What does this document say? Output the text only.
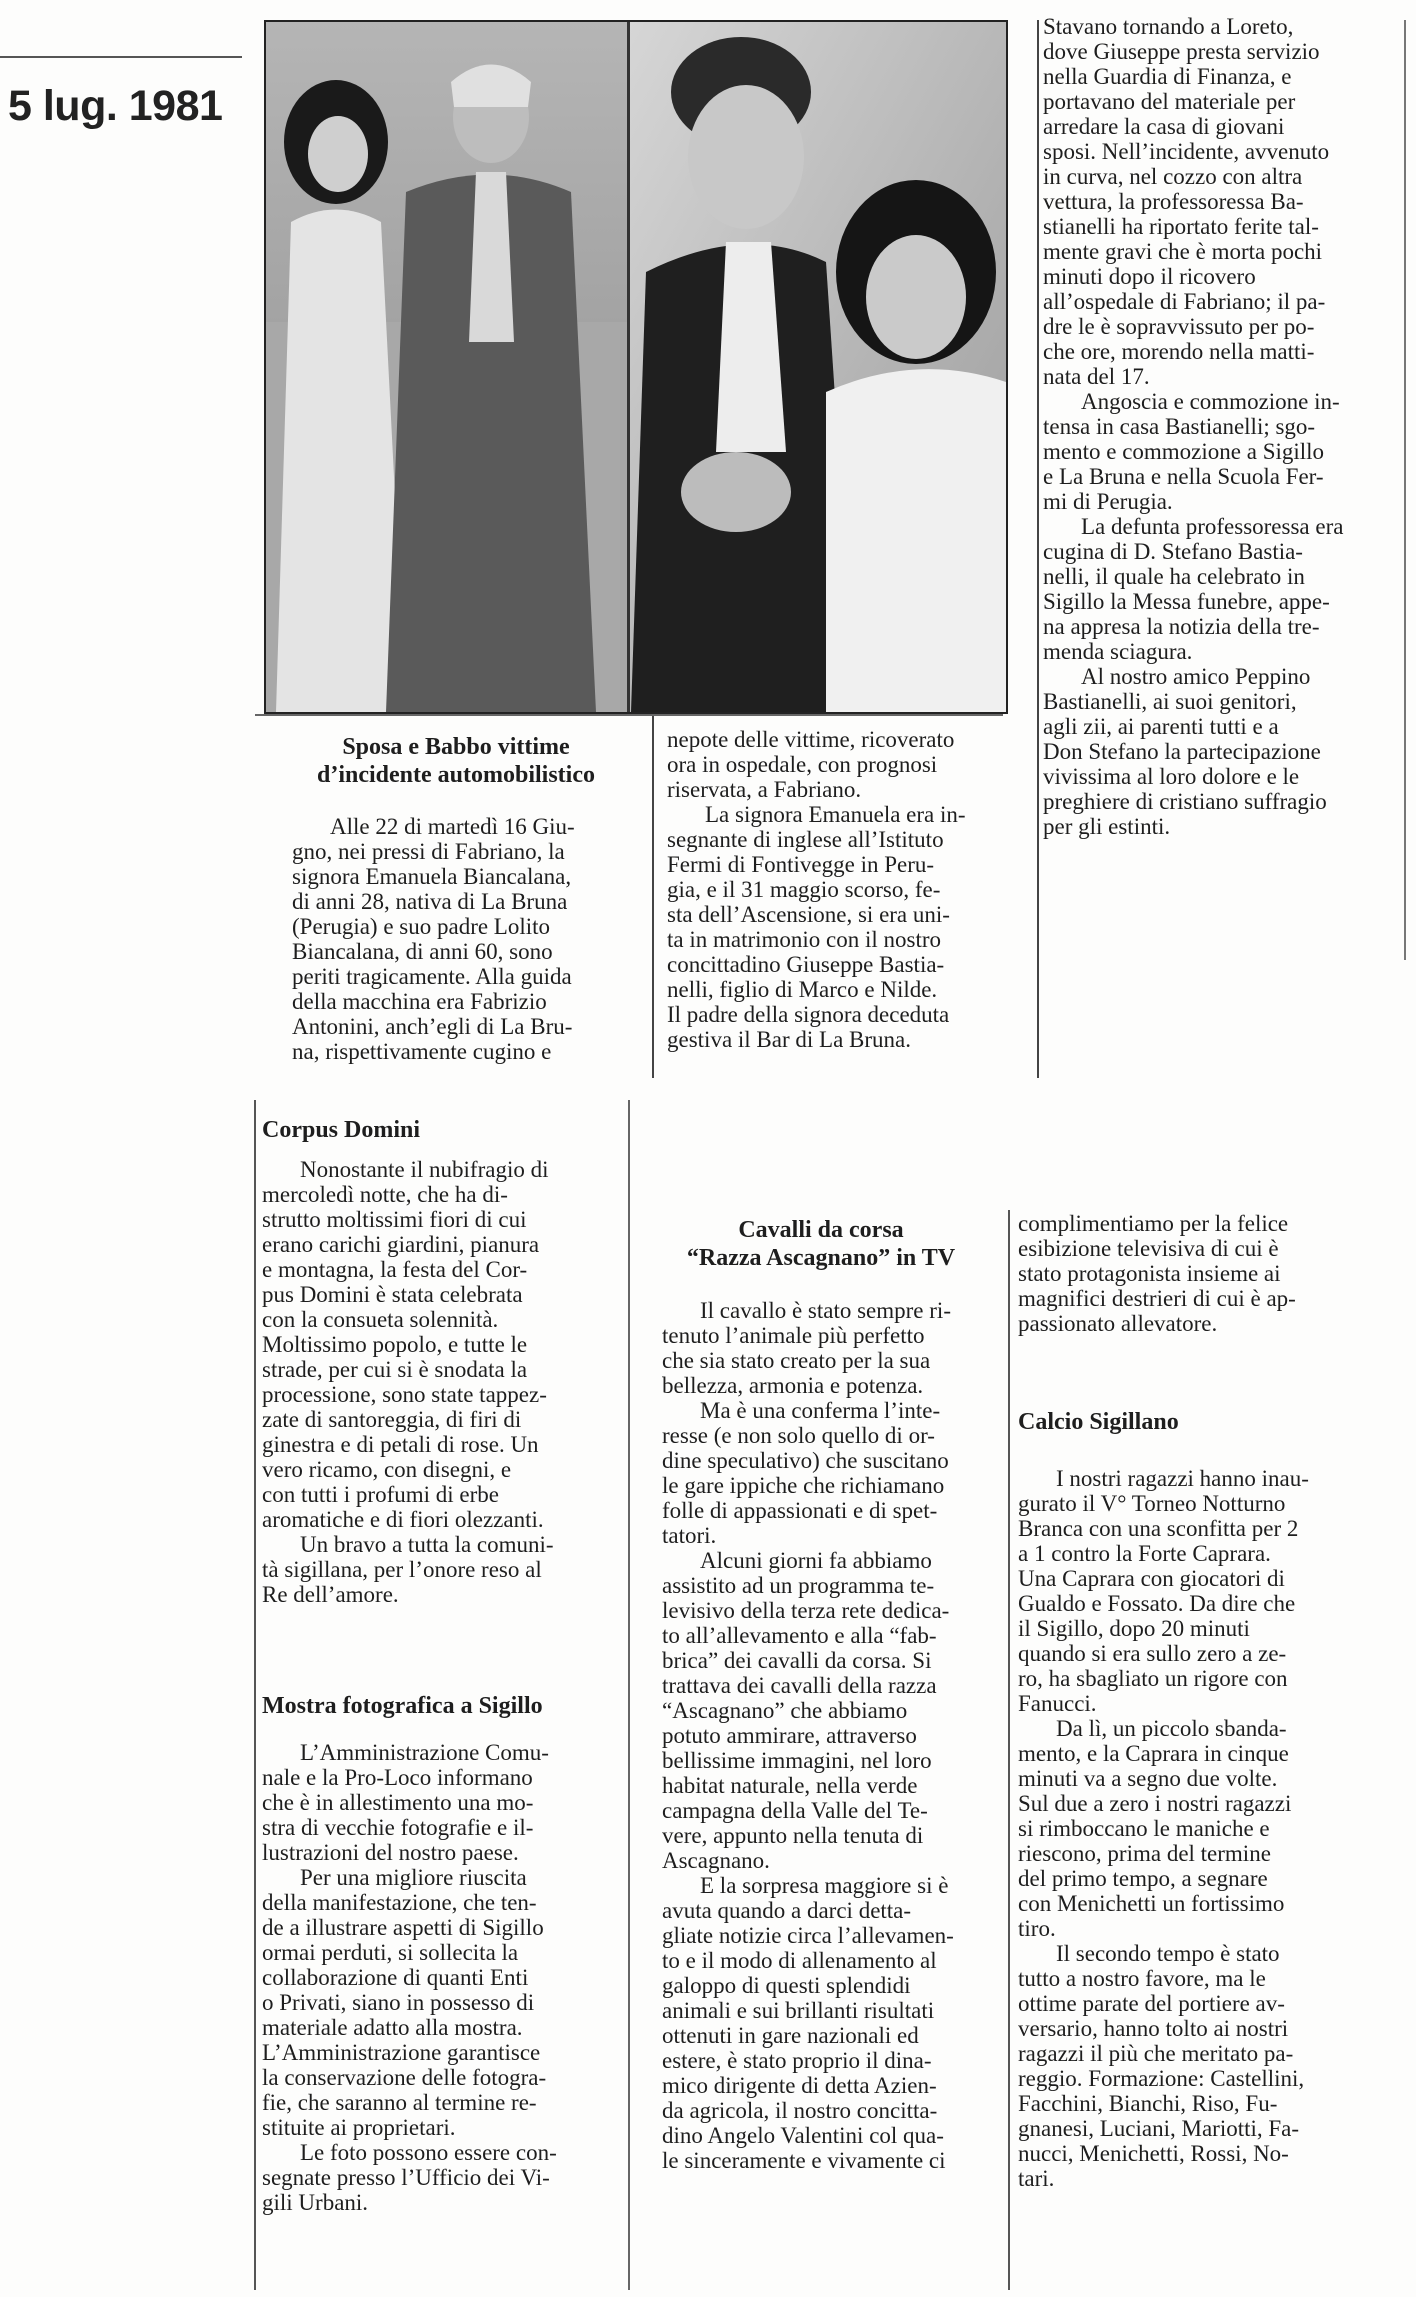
5 lug. 1981

Sposa e Babbo vittime

d’incidente automobilistico

Alle 22 di martedì 16 Giu-

gno, nei pressi di Fabriano, la

signora Emanuela Biancalana,

di anni 28, nativa di La Bruna

(Perugia) e suo padre Lolito

Biancalana, di anni 60, sono

periti tragicamente. Alla guida

della macchina era Fabrizio

Antonini, anch’egli di La Bru-

na, rispettivamente cugino e

nepote delle vittime, ricoverato

ora in ospedale, con prognosi

riservata, a Fabriano.

La signora Emanuela era in-

segnante di inglese all’Istituto

Fermi di Fontivegge in Peru-

gia, e il 31 maggio scorso, fe-

sta dell’Ascensione, si era uni-

ta in matrimonio con il nostro

concittadino Giuseppe Bastia-

nelli, figlio di Marco e Nilde.

Il padre della signora deceduta

gestiva il Bar di La Bruna.

Stavano tornando a Loreto,

dove Giuseppe presta servizio

nella Guardia di Finanza, e

portavano del materiale per

arredare la casa di giovani

sposi. Nell’incidente, avvenuto

in curva, nel cozzo con altra

vettura, la professoressa Ba-

stianelli ha riportato ferite tal-

mente gravi che è morta pochi

minuti dopo il ricovero

all’ospedale di Fabriano; il pa-

dre le è sopravvissuto per po-

che ore, morendo nella matti-

nata del 17.

Angoscia e commozione in-

tensa in casa Bastianelli; sgo-

mento e commozione a Sigillo

e La Bruna e nella Scuola Fer-

mi di Perugia.

La defunta professoressa era

cugina di D. Stefano Bastia-

nelli, il quale ha celebrato in

Sigillo la Messa funebre, appe-

na appresa la notizia della tre-

menda sciagura.

Al nostro amico Peppino

Bastianelli, ai suoi genitori,

agli zii, ai parenti tutti e a

Don Stefano la partecipazione

vivissima al loro dolore e le

preghiere di cristiano suffragio

per gli estinti.

Corpus Domini

Nonostante il nubifragio di

mercoledì notte, che ha di-

strutto moltissimi fiori di cui

erano carichi giardini, pianura

e montagna, la festa del Cor-

pus Domini è stata celebrata

con la consueta solennità.

Moltissimo popolo, e tutte le

strade, per cui si è snodata la

processione, sono state tappez-

zate di santoreggia, di firi di

ginestra e di petali di rose. Un

vero ricamo, con disegni, e

con tutti i profumi di erbe

aromatiche e di fiori olezzanti.

Un bravo a tutta la comuni-

tà sigillana, per l’onore reso al

Re dell’amore.

Mostra fotografica a Sigillo

L’Amministrazione Comu-

nale e la Pro-Loco informano

che è in allestimento una mo-

stra di vecchie fotografie e il-

lustrazioni del nostro paese.

Per una migliore riuscita

della manifestazione, che ten-

de a illustrare aspetti di Sigillo

ormai perduti, si sollecita la

collaborazione di quanti Enti

o Privati, siano in possesso di

materiale adatto alla mostra.

L’Amministrazione garantisce

la conservazione delle fotogra-

fie, che saranno al termine re-

stituite ai proprietari.

Le foto possono essere con-

segnate presso l’Ufficio dei Vi-

gili Urbani.

Cavalli da corsa

“Razza Ascagnano” in TV

Il cavallo è stato sempre ri-

tenuto l’animale più perfetto

che sia stato creato per la sua

bellezza, armonia e potenza.

Ma è una conferma l’inte-

resse (e non solo quello di or-

dine speculativo) che suscitano

le gare ippiche che richiamano

folle di appassionati e di spet-

tatori.

Alcuni giorni fa abbiamo

assistito ad un programma te-

levisivo della terza rete dedica-

to all’allevamento e alla “fab-

brica” dei cavalli da corsa. Si

trattava dei cavalli della razza

“Ascagnano” che abbiamo

potuto ammirare, attraverso

bellissime immagini, nel loro

habitat naturale, nella verde

campagna della Valle del Te-

vere, appunto nella tenuta di

Ascagnano.

E la sorpresa maggiore si è

avuta quando a darci detta-

gliate notizie circa l’allevamen-

to e il modo di allenamento al

galoppo di questi splendidi

animali e sui brillanti risultati

ottenuti in gare nazionali ed

estere, è stato proprio il dina-

mico dirigente di detta Azien-

da agricola, il nostro concitta-

dino Angelo Valentini col qua-

le sinceramente e vivamente ci

complimentiamo per la felice

esibizione televisiva di cui è

stato protagonista insieme ai

magnifici destrieri di cui è ap-

passionato allevatore.

Calcio Sigillano

I nostri ragazzi hanno inau-

gurato il V° Torneo Notturno

Branca con una sconfitta per 2

a 1 contro la Forte Caprara.

Una Caprara con giocatori di

Gualdo e Fossato. Da dire che

il Sigillo, dopo 20 minuti

quando si era sullo zero a ze-

ro, ha sbagliato un rigore con

Fanucci.

Da lì, un piccolo sbanda-

mento, e la Caprara in cinque

minuti va a segno due volte.

Sul due a zero i nostri ragazzi

si rimboccano le maniche e

riescono, prima del termine

del primo tempo, a segnare

con Menichetti un fortissimo

tiro.

Il secondo tempo è stato

tutto a nostro favore, ma le

ottime parate del portiere av-

versario, hanno tolto ai nostri

ragazzi il più che meritato pa-

reggio. Formazione: Castellini,

Facchini, Bianchi, Riso, Fu-

gnanesi, Luciani, Mariotti, Fa-

nucci, Menichetti, Rossi, No-

tari.
